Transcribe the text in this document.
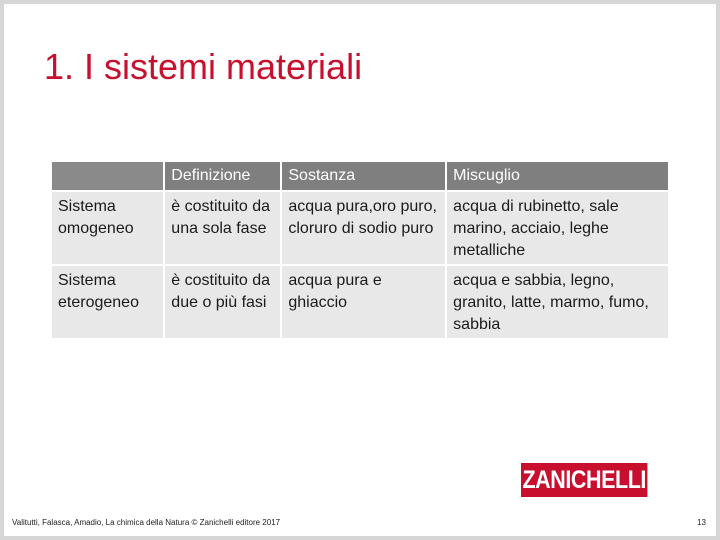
1. I sistemi materiali
	Definizione	Sostanza	Miscuglio
Sistema omogeneo	è costituito da una sola fase	acqua pura,oro puro, cloruro di sodio puro	acqua di rubinetto, sale marino, acciaio, leghe metalliche
Sistema eterogeneo	è costituito da due o più fasi	acqua pura e ghiaccio	acqua e sabbia, legno, granito, latte, marmo, fumo, sabbia
ZANICHELLI
Valitutti, Falasca, Amadio, La chimica della Natura © Zanichelli editore 2017	13
